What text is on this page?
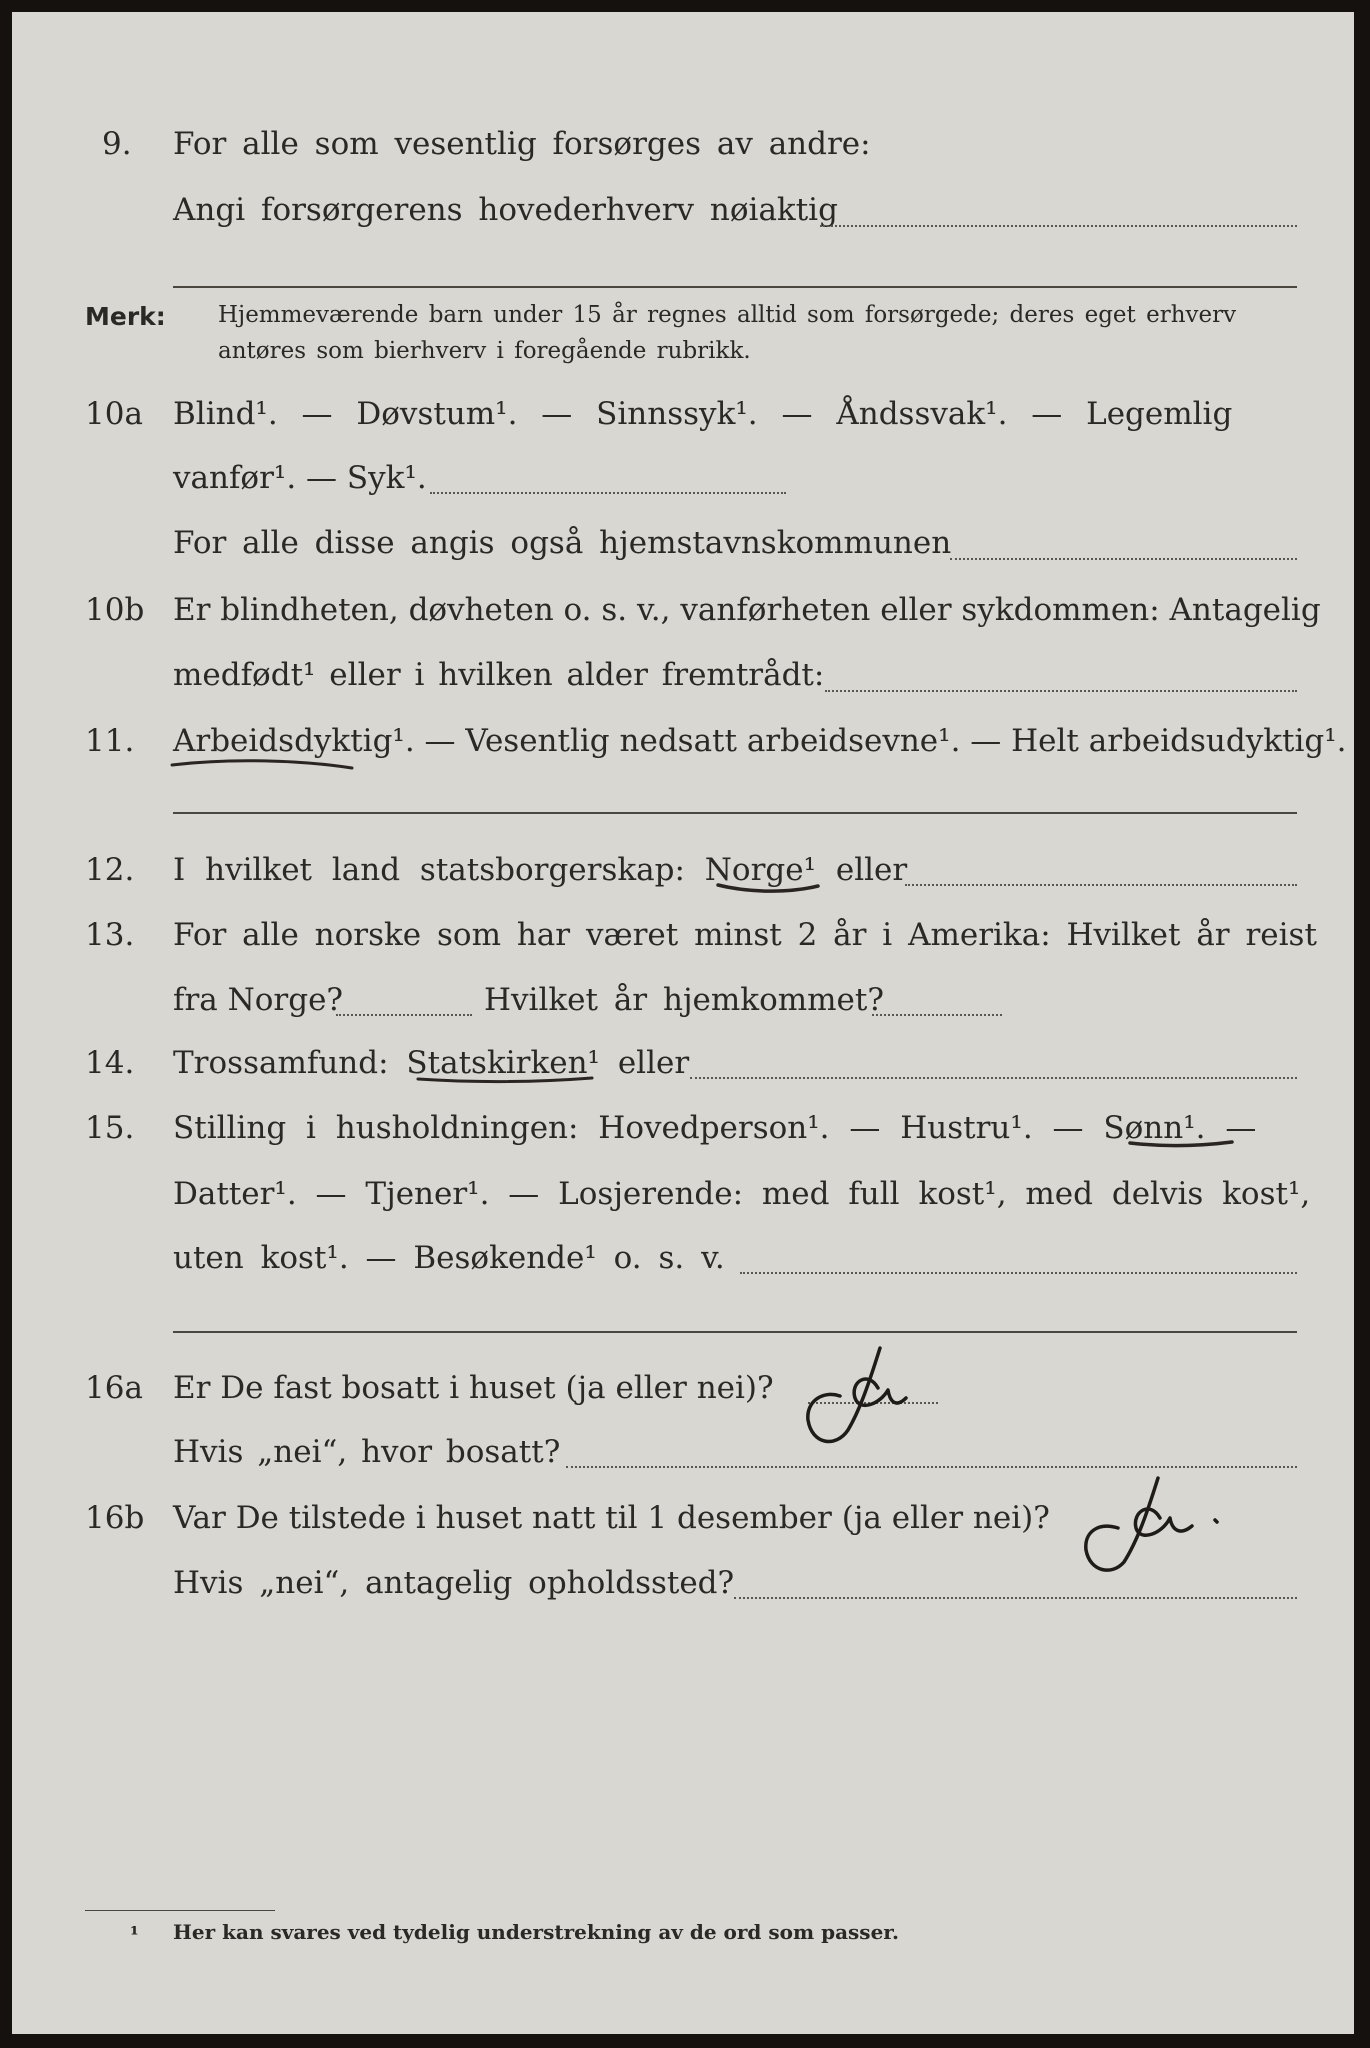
9. For alle som vesentlig forsørges av andre:
Angi forsørgerens hovederhverv nøiaktig
Merk: Hjemmeværende barn under 15 år regnes alltid som forsørgede; deres eget erhverv
antøres som bierhverv i foregående rubrikk.
10a Blind¹. — Døvstum¹. — Sinnssyk¹. — Åndssvak¹. — Legemlig
vanfør¹. — Syk¹.
For alle disse angis også hjemstavnskommunen
10b Er blindheten, døvheten o. s. v., vanførheten eller sykdommen: Antagelig
medfødt¹ eller i hvilken alder fremtrådt:
11. Arbeidsdyktig¹. — Vesentlig nedsatt arbeidsevne¹. — Helt arbeidsudyktig¹.
12. I hvilket land statsborgerskap: Norge¹ eller
13. For alle norske som har været minst 2 år i Amerika: Hvilket år reist
fra Norge?	Hvilket år hjemkommet?
14. Trossamfund: Statskirken¹ eller
15. Stilling i husholdningen: Hovedperson¹. — Hustru¹. — Sønn¹. —
Datter¹. — Tjener¹. — Losjerende: med full kost¹, med delvis kost¹,
uten kost¹. — Besøkende¹ o. s. v.
16a Er De fast bosatt i huset (ja eller nei)?
Hvis „nei“, hvor bosatt?
16b Var De tilstede i huset natt til 1 desember (ja eller nei)?
Hvis „nei“, antagelig opholdssted?
¹ Her kan svares ved tydelig understrekning av de ord som passer.
